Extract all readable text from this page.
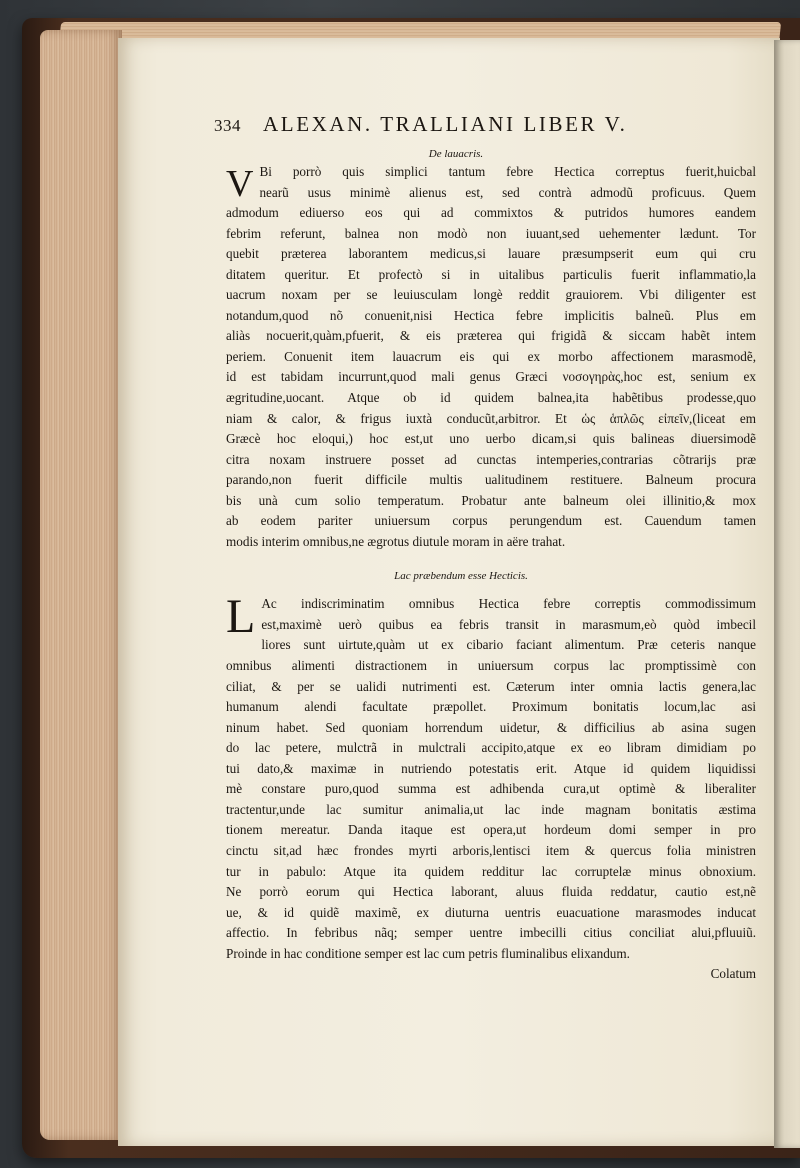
334 ALEXAN. TRALLIANI LIBER V.
De lauacris.
V Bi porrò quis simplici tantum febre Hectica correptus fuerit,huicbal
nearũ usus minimè alienus est, sed contrà admodũ proficuus. Quem
admodum ediuerso eos qui ad commixtos & putridos humores eandem
febrim referunt, balnea non modò non iuuant,sed uehementer lædunt. Tor
quebit præterea laborantem medicus,si lauare præsumpserit eum qui cru
ditatem queritur. Et profectò si in uitalibus particulis fuerit inflammatio,la
uacrum noxam per se leuiusculam longè reddit grauiorem. Vbi diligenter est
notandum,quod nõ conuenit,nisi Hectica febre implicitis balneũ. Plus em
aliàs nocuerit,quàm,pfuerit, & eis præterea qui frigidã & siccam habẽt intem
periem. Conuenit item lauacrum eis qui ex morbo affectionem marasmodẽ,
id est tabidam incurrunt,quod mali genus Græci νοσογηρὰς,hoc est, senium ex
ægritudine,uocant. Atque ob id quidem balnea,ita habẽtibus prodesse,quo
niam & calor, & frigus iuxtà conducũt,arbitror. Et ὡς ἁπλῶς εἰπεῖν,(liceat em
Græcè hoc eloqui,) hoc est,ut uno uerbo dicam,si quis balineas diuersimodẽ
citra noxam instruere posset ad cunctas intemperies,contrarias cõtrarijs præ
parando,non fuerit difficile multis ualitudinem restituere. Balneum procura
bis unà cum solio temperatum. Probatur ante balneum olei illinitio,& mox
ab eodem pariter uniuersum corpus perungendum est. Cauendum tamen
modis interim omnibus,ne ægrotus diutule moram in aëre trahat.
Lac præbendum esse Hecticis.
L Ac indiscriminatim omnibus Hectica febre correptis commodissimum
est,maximè uerò quibus ea febris transit in marasmum,eò quòd imbecil
liores sunt uirtute,quàm ut ex cibario faciant alimentum. Præ ceteris nanque
omnibus alimenti distractionem in uniuersum corpus lac promptissimè con
ciliat, & per se ualidi nutrimenti est. Cæterum inter omnia lactis genera,lac
humanum alendi facultate præpollet. Proximum bonitatis locum,lac asi
ninum habet. Sed quoniam horrendum uidetur, & difficilius ab asina sugen
do lac petere, mulctrã in mulctrali accipito,atque ex eo libram dimidiam po
tui dato,& maximæ in nutriendo potestatis erit. Atque id quidem liquidissi
mè constare puro,quod summa est adhibenda cura,ut optimè & liberaliter
tractentur,unde lac sumitur animalia,ut lac inde magnam bonitatis æstima
tionem mereatur. Danda itaque est opera,ut hordeum domi semper in pro
cinctu sit,ad hæc frondes myrti arboris,lentisci item & quercus folia ministren
tur in pabulo: Atque ita quidem redditur lac corruptelæ minus obnoxium.
Ne porrò eorum qui Hectica laborant, aluus fluida reddatur, cautio est,nẽ
ue, & id quidẽ maximẽ, ex diuturna uentris euacuatione marasmodes inducat
affectio. In febribus nãq; semper uentre imbecilli citius conciliat alui,pfluuiũ.
Proinde in hac conditione semper est lac cum petris fluminalibus elixandum.
Colatum
